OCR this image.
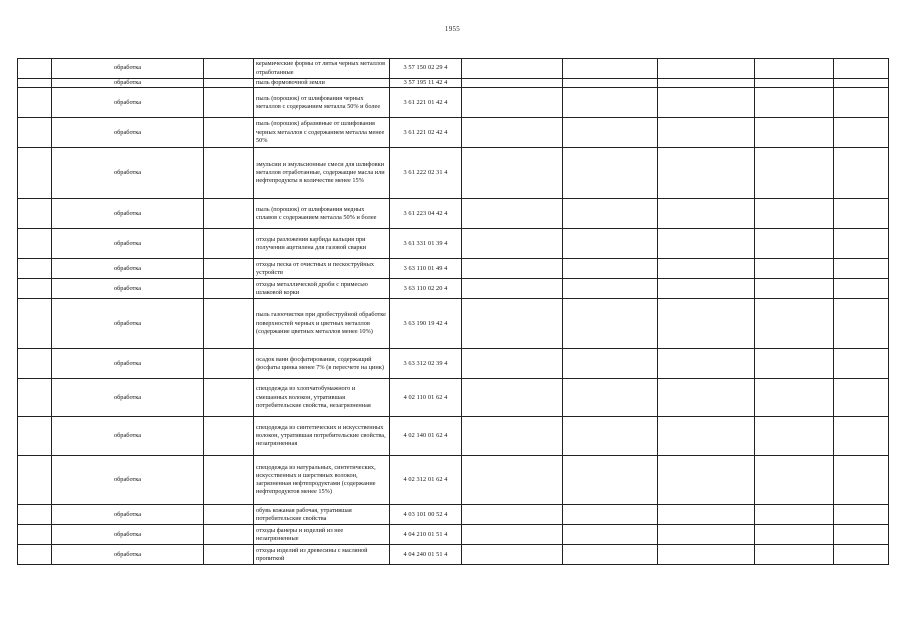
1955
	обработка		керамические формы от литья черных металлов отработанные	3 57 150 02 29 4					
	обработка		пыль формовочной земли	3 57 195 11 42 4					
	обработка		пыль (порошок) от шлифования черных металлов с содержанием металла 50% и более	3 61 221 01 42 4					
	обработка		пыль (порошок) абразивные от шлифования черных металлов с содержанием металла менее 50%	3 61 221 02 42 4					
	обработка		эмульсии и эмульсионные смеси для шлифовки металлов отработанные, содержащие масла или нефтепродукты в количестве менее 15%	3 61 222 02 31 4					
	обработка		пыль (порошок) от шлифования медных сплавов с содержанием металла 50% и более	3 61 223 04 42 4					
	обработка		отходы разложения карбида кальция при получении ацетилена для газовой сварки	3 61 331 01 39 4					
	обработка		отходы песка от очистных и пескоструйных устройств	3 63 110 01 49 4					
	обработка		отходы металлической дроби с примесью шлаковой корки	3 63 110 02 20 4					
	обработка		пыль газоочистки при дробеструйной обработке поверхностей черных и цветных металлов (содержание цветных металлов менее 10%)	3 63 190 19 42 4					
	обработка		осадок ванн фосфатирования, содержащий фосфаты цинка менее 7% (в пересчете на цинк)	3 63 312 02 39 4					
	обработка		спецодежда из хлопчатобумажного и смешанных волокон, утратившая потребительские свойства, незагрязненная	4 02 110 01 62 4					
	обработка		спецодежда из синтетических и искусственных волокон, утратившая потребительские свойства, незагрязненная	4 02 140 01 62 4					
	обработка		спецодежда из натуральных, синтетических, искусственных и шерстяных волокон, загрязненная нефтепродуктами (содержание нефтепродуктов менее 15%)	4 02 312 01 62 4					
	обработка		обувь кожаная рабочая, утратившая потребительские свойства	4 03 101 00 52 4					
	обработка		отходы фанеры и изделий из нее незагрязненные	4 04 210 01 51 4					
	обработка		отходы изделий из древесины с масляной пропиткой	4 04 240 01 51 4					
